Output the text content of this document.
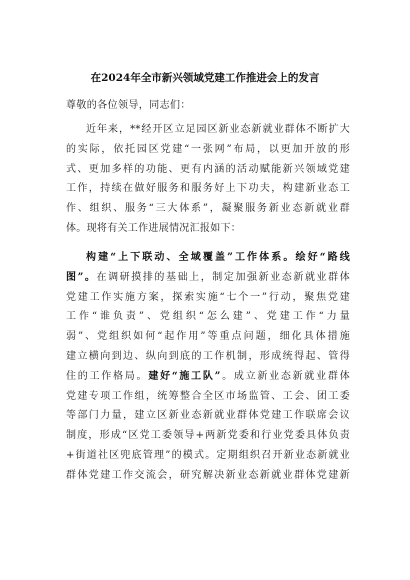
在2024年全市新兴领域党建工作推进会上的发言
尊敬的各位领导，同志们：
近年来，**经开区立足园区新业态新就业群体不断扩大
的实际，依托园区党建“一张网”布局，以更加开放的形
式、更加多样的功能、更有内涵的活动赋能新兴领域党建
工作，持续在做好服务和服务好上下功夫，构建新业态工
作、组织、服务“三大体系”，凝聚服务新业态新就业群
体。现将有关工作进展情况汇报如下：
构建“上下联动、全域覆盖”工作体系。绘好“路线
图”。在调研摸排的基础上，制定加强新业态新就业群体
党建工作实施方案，探索实施“七个一”行动，聚焦党建
工作“谁负责”、党组织“怎么建”、党建工作“力量
弱”、党组织如何“起作用”等重点问题，细化具体措施
建立横向到边、纵向到底的工作机制，形成统得起、管得
住的工作格局。建好“施工队”。成立新业态新就业群体
党建专项工作组，统筹整合全区市场监管、工会、团工委
等部门力量，建立区新业态新就业群体党建工作联席会议
制度，形成“区党工委领导+两新党委和行业党委具体负责
+街道社区兜底管理”的模式。定期组织召开新业态新就业
群体党建工作交流会，研究解决新业态新就业群体党建新
